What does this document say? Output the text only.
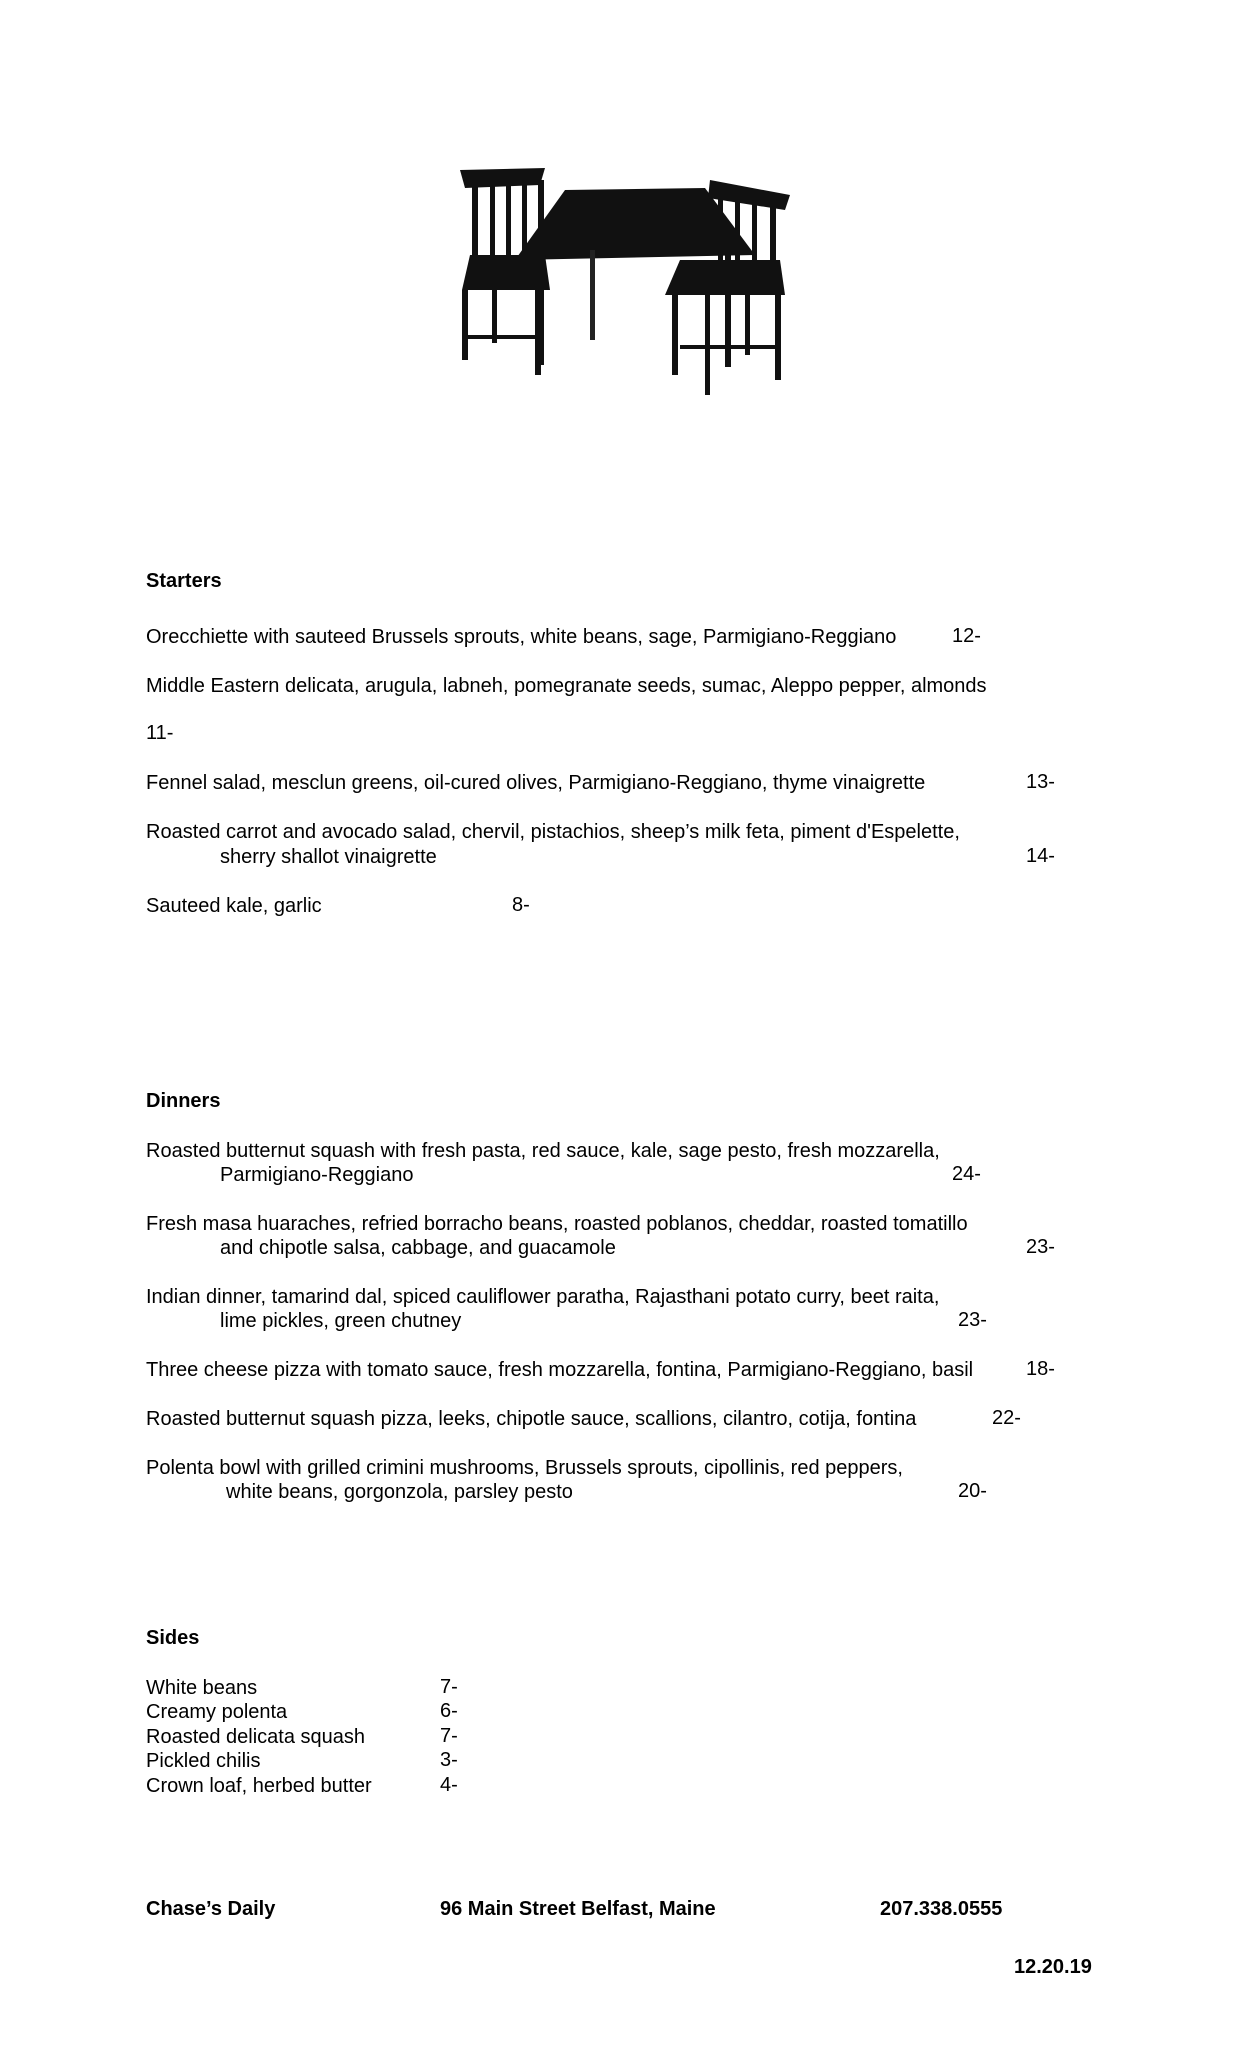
Starters
Orecchiette with sauteed Brussels sprouts, white beans, sage, Parmigiano-Reggiano	12-
Middle Eastern delicata, arugula, labneh, pomegranate seeds, sumac, Aleppo pepper, almonds
11-
Fennel salad, mesclun greens, oil-cured olives, Parmigiano-Reggiano, thyme vinaigrette	13-
Roasted carrot and avocado salad, chervil, pistachios, sheep’s milk feta, piment d'Espelette,
sherry shallot vinaigrette	14-
Sauteed kale, garlic	8-
Dinners
Roasted butternut squash with fresh pasta, red sauce, kale, sage pesto, fresh mozzarella,
Parmigiano-Reggiano	24-
Fresh masa huaraches, refried borracho beans, roasted poblanos, cheddar, roasted tomatillo
and chipotle salsa, cabbage, and guacamole	23-
Indian dinner, tamarind dal, spiced cauliflower paratha, Rajasthani potato curry, beet raita,
lime pickles, green chutney	23-
Three cheese pizza with tomato sauce, fresh mozzarella, fontina, Parmigiano-Reggiano, basil	18-
Roasted butternut squash pizza, leeks, chipotle sauce, scallions, cilantro, cotija, fontina	22-
Polenta bowl with grilled crimini mushrooms, Brussels sprouts, cipollinis, red peppers,
white beans, gorgonzola, parsley pesto	20-
Sides
White beans	7-
Creamy polenta	6-
Roasted delicata squash	7-
Pickled chilis	3-
Crown loaf, herbed butter	4-
Chase’s Daily	96 Main Street Belfast, Maine	207.338.0555
12.20.19
